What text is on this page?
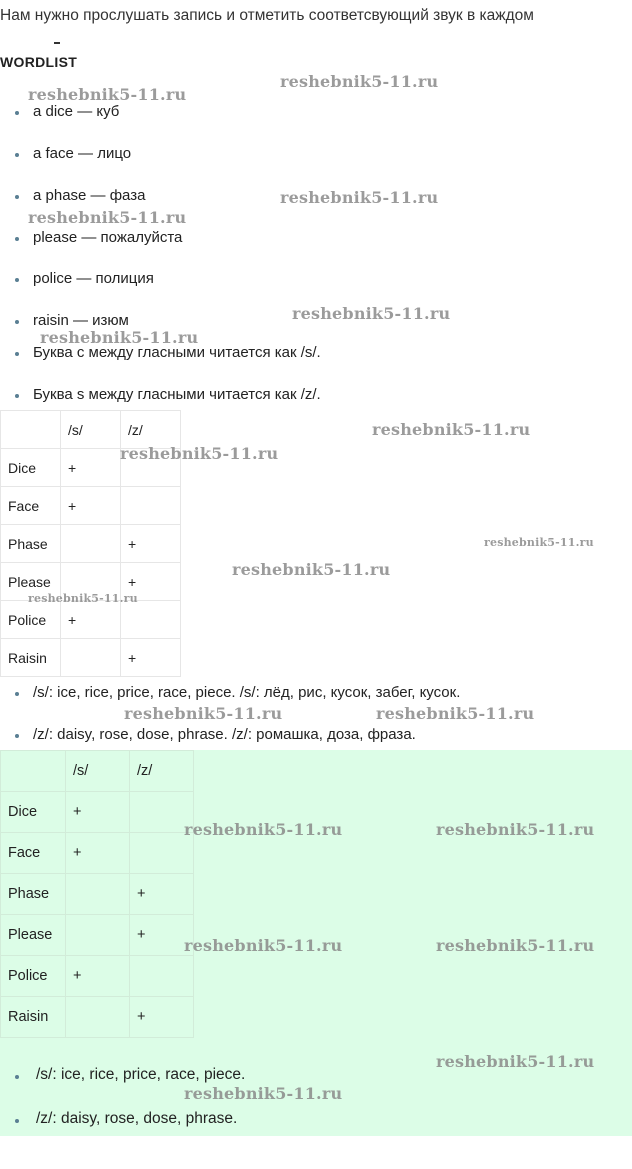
Нам нужно прослушать запись и отметить соответсвующий звук в каждом
WORDLIST
a dice — куб
a face — лицо
a phase — фаза
please — пожалуйста
police — полиция
raisin — изюм
Буква c между гласными читается как /s/.
Буква s между гласными читается как /z/.
	/s/	/z/
Dice	+	
Face	+	
Phase		+
Please		+
Police	+	
Raisin		+
/s/: ice, rice, price, race, piece. /s/: лёд, рис, кусок, забег, кусок.
/z/: daisy, rose, dose, phrase. /z/: ромашка, доза, фраза.
	/s/	/z/
Dice	+	
Face	+	
Phase		+
Please		+
Police	+	
Raisin		+
/s/: ice, rice, price, race, piece.
/z/: daisy, rose, dose, phrase.
reshebnik5-11.ru
reshebnik5-11.ru
reshebnik5-11.ru
reshebnik5-11.ru
reshebnik5-11.ru
reshebnik5-11.ru
reshebnik5-11.ru
reshebnik5-11.ru
reshebnik5-11.ru
reshebnik5-11.ru
reshebnik5-11.ru
reshebnik5-11.ru	reshebnik5-11.ru
reshebnik5-11.ru	reshebnik5-11.ru
reshebnik5-11.ru	reshebnik5-11.ru
reshebnik5-11.ru
reshebnik5-11.ru
